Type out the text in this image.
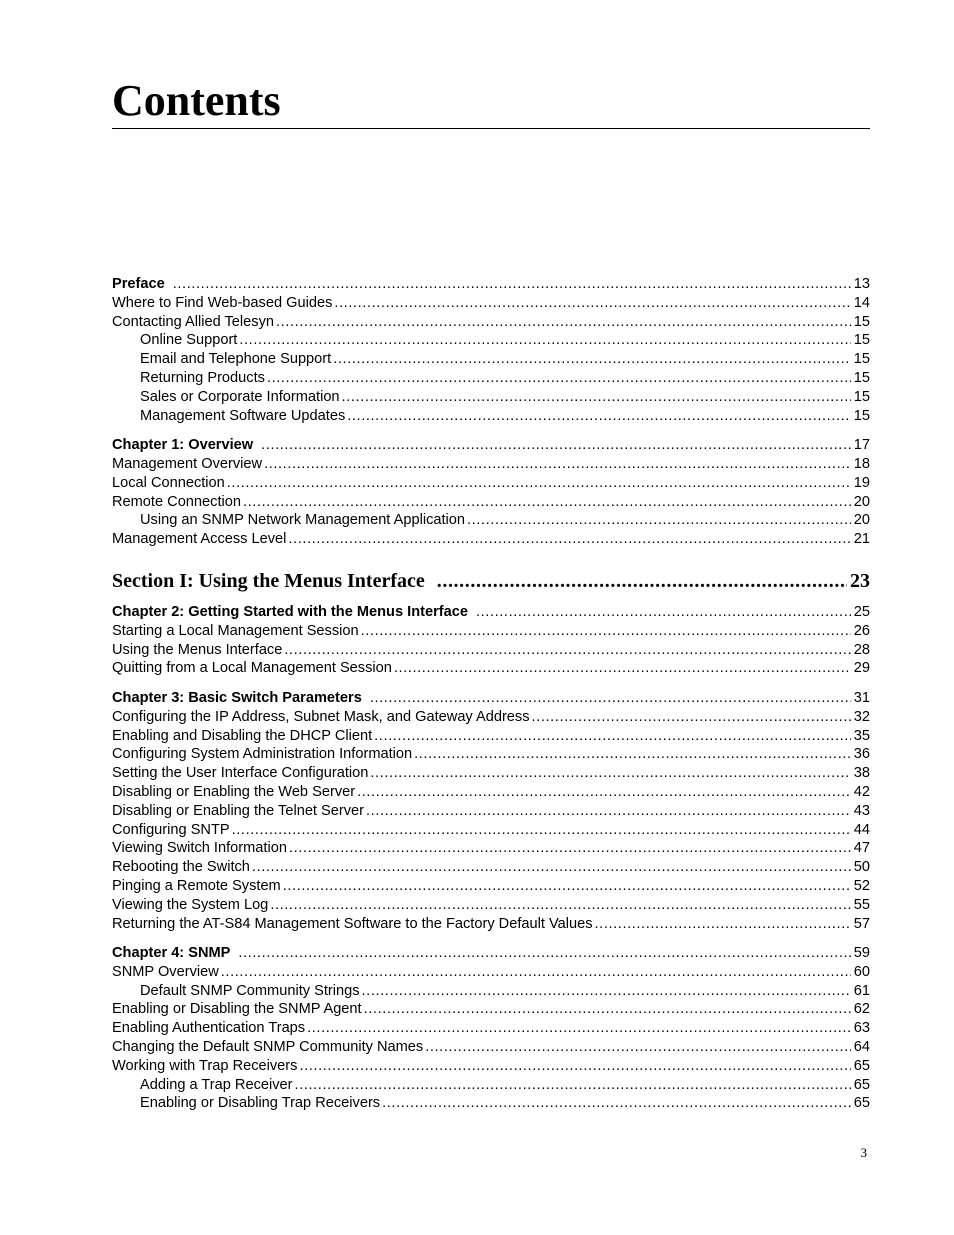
Contents
Preface .....	13
Where to Find Web-based Guides .....	14
Contacting Allied Telesyn .....	15
Online Support .....	15
Email and Telephone Support .....	15
Returning Products .....	15
Sales or Corporate Information .....	15
Management Software Updates .....	15
Chapter 1: Overview .....	17
Management Overview .....	18
Local Connection .....	19
Remote Connection .....	20
Using an SNMP Network Management Application .....	20
Management Access Level .....	21
Section I: Using the Menus Interface .....	23
Chapter 2: Getting Started with the Menus Interface .....	25
Starting a Local Management Session .....	26
Using the Menus Interface .....	28
Quitting from a Local Management Session .....	29
Chapter 3: Basic Switch Parameters .....	31
Configuring the IP Address, Subnet Mask, and Gateway Address .....	32
Enabling and Disabling the DHCP Client .....	35
Configuring System Administration Information .....	36
Setting the User Interface Configuration .....	38
Disabling or Enabling the Web Server .....	42
Disabling or Enabling the Telnet Server .....	43
Configuring SNTP .....	44
Viewing Switch Information .....	47
Rebooting the Switch .....	50
Pinging a Remote System .....	52
Viewing the System Log .....	55
Returning the AT-S84 Management Software to the Factory Default Values .....	57
Chapter 4: SNMP .....	59
SNMP Overview .....	60
Default SNMP Community Strings .....	61
Enabling or Disabling the SNMP Agent .....	62
Enabling Authentication Traps .....	63
Changing the Default SNMP Community Names .....	64
Working with Trap Receivers .....	65
Adding a Trap Receiver .....	65
Enabling or Disabling Trap Receivers .....	65
3
